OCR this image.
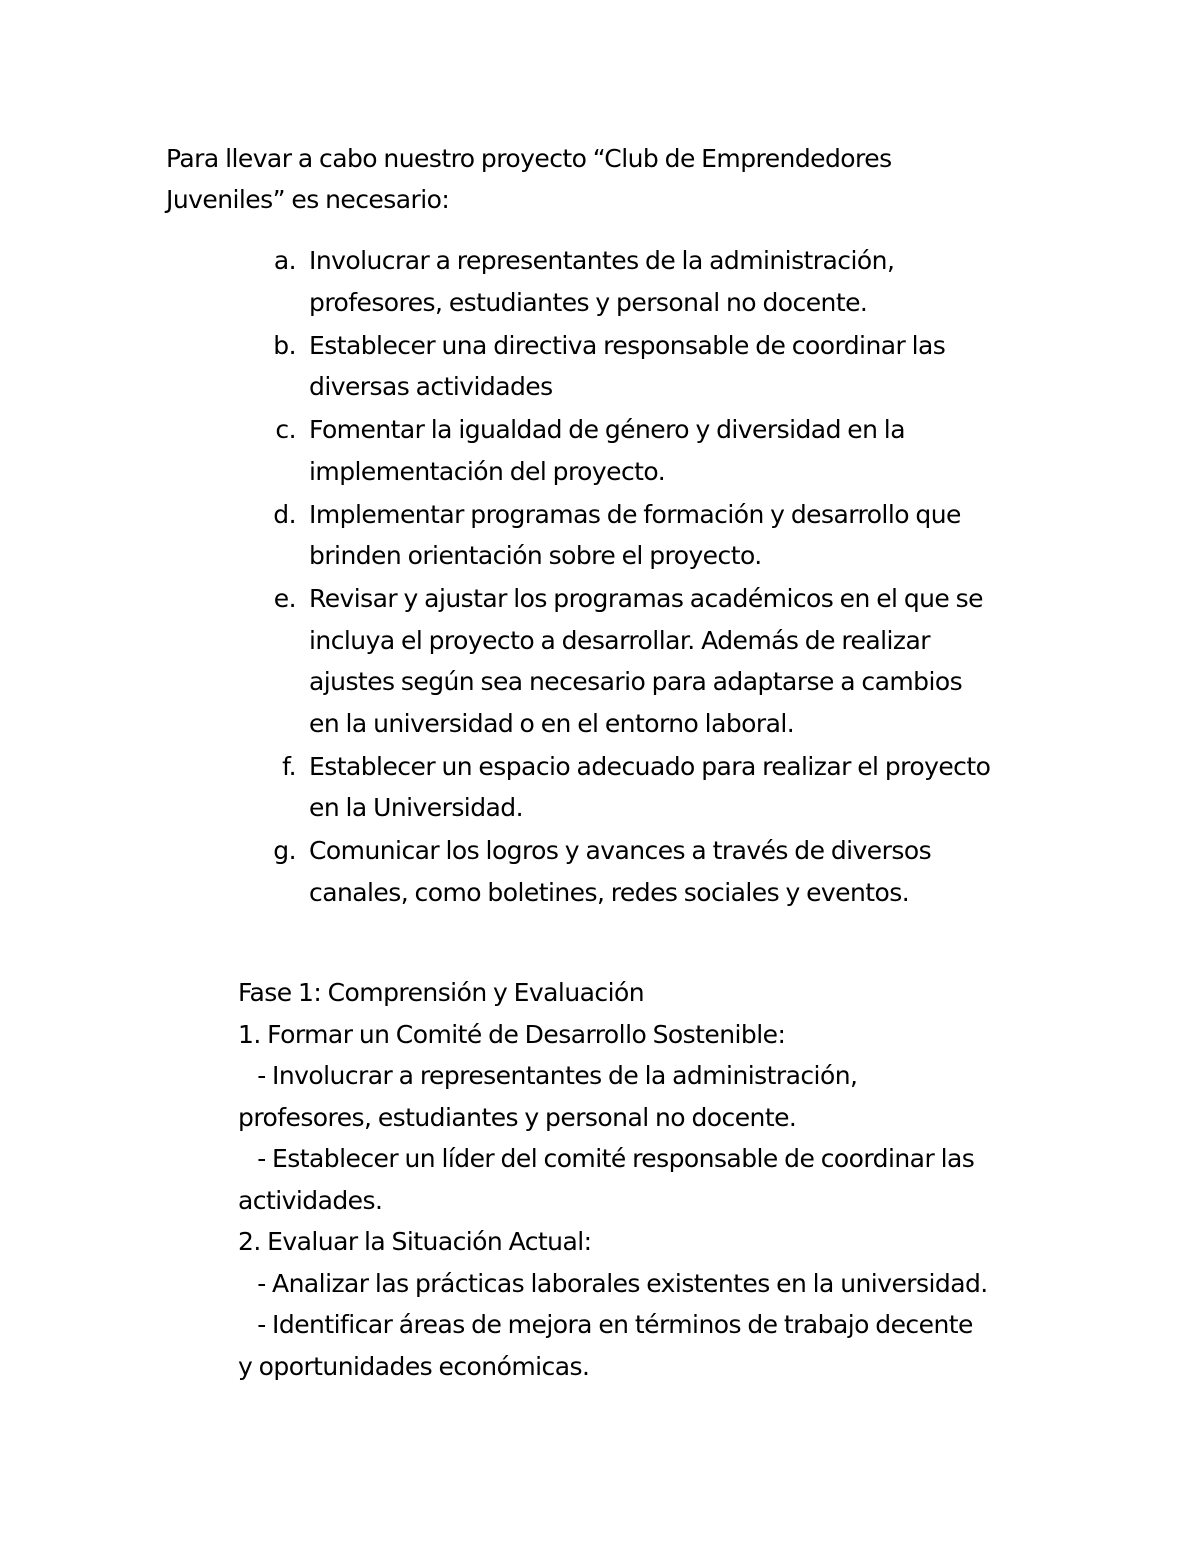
Para llevar a cabo nuestro proyecto “Club de Emprendedores
Juveniles” es necesario:
a. Involucrar a representantes de la administración,
profesores, estudiantes y personal no docente.
b. Establecer una directiva responsable de coordinar las
diversas actividades
c. Fomentar la igualdad de género y diversidad en la
implementación del proyecto.
d. Implementar programas de formación y desarrollo que
brinden orientación sobre el proyecto.
e. Revisar y ajustar los programas académicos en el que se
incluya el proyecto a desarrollar. Además de realizar
ajustes según sea necesario para adaptarse a cambios
en la universidad o en el entorno laboral.
f. Establecer un espacio adecuado para realizar el proyecto
en la Universidad.
g. Comunicar los logros y avances a través de diversos
canales, como boletines, redes sociales y eventos.
Fase 1: Comprensión y Evaluación
1. Formar un Comité de Desarrollo Sostenible:
- Involucrar a representantes de la administración,
profesores, estudiantes y personal no docente.
- Establecer un líder del comité responsable de coordinar las
actividades.
2. Evaluar la Situación Actual:
- Analizar las prácticas laborales existentes en la universidad.
- Identificar áreas de mejora en términos de trabajo decente
y oportunidades económicas.
